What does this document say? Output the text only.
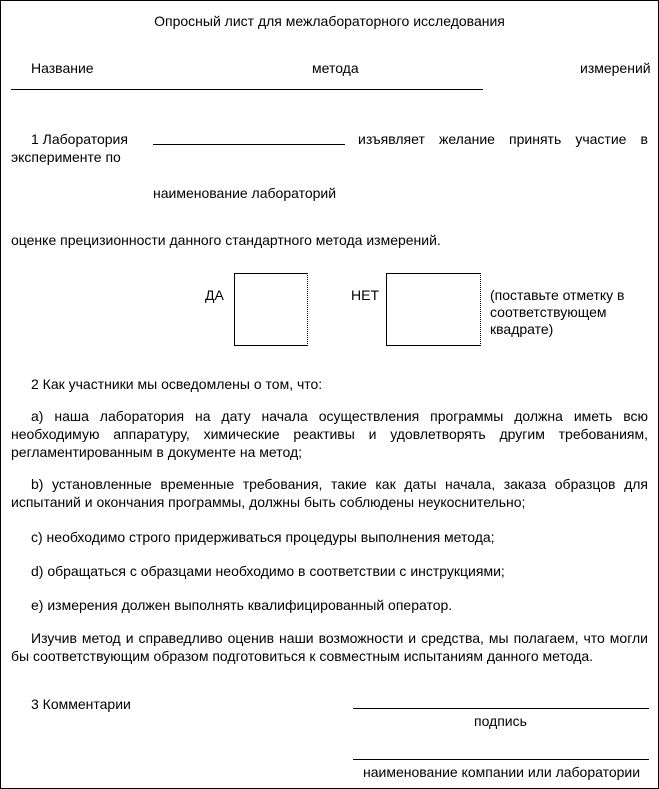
Опросный лист для межлабораторного исследования
Название	метода	измерений
1 Лаборатория	изъявляет желание принять участие в
эксперименте по
наименование лабораторий
оценке прецизионности данного стандартного метода измерений.
ДА	НЕТ	(поставьте отметку в
соответствующем
квадрате)
2 Как участники мы осведомлены о том, что:
а) наша лаборатория на дату начала осуществления программы должна иметь всю необходимую аппаратуру, химические реактивы и удовлетворять другим требованиям, регламентированным в документе на метод;
b) установленные временные требования, такие как даты начала, заказа образцов для испытаний и окончания программы, должны быть соблюдены неукоснительно;
с) необходимо строго придерживаться процедуры выполнения метода;
d) обращаться с образцами необходимо в соответствии с инструкциями;
е) измерения должен выполнять квалифицированный оператор.
Изучив метод и справедливо оценив наши возможности и средства, мы полагаем, что могли бы соответствующим образом подготовиться к совместным испытаниям данного метода.
3 Комментарии
подпись
наименование компании или лаборатории
